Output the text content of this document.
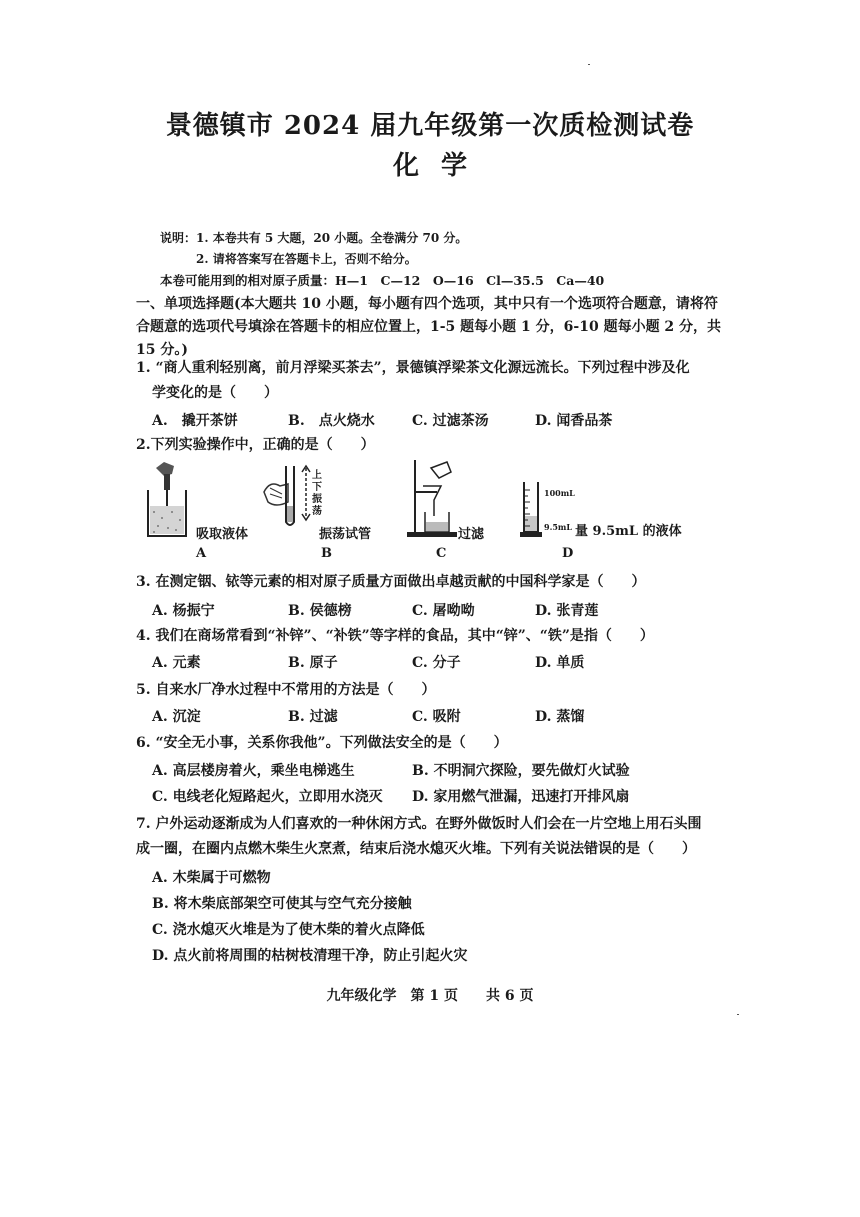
景德镇市 2024 届九年级第一次质检测试卷
化学
说明：1. 本卷共有 5 大题，20 小题。全卷满分 70 分。
2. 请将答案写在答题卡上，否则不给分。
本卷可能用到的相对原子质量：H—1　C—12　O—16　Cl—35.5　Ca—40
一、单项选择题(本大题共 10 小题，每小题有四个选项，其中只有一个选项符合题意，请将符
合题意的选项代号填涂在答题卡的相应位置上，1-5 题每小题 1 分，6-10 题每小题 2 分，共
15 分。)
1. “商人重利轻别离，前月浮梁买茶去”，景德镇浮梁茶文化源远流长。下列过程中涉及化
学变化的是（　　）
A.　撬开茶饼	B.　点火烧水	C. 过滤茶汤	D. 闻香品茶
2.下列实验操作中，正确的是（　　）
吸取液体
A
上下振荡
振荡试管
B
过滤
C
100mL
9.5mL 量 9.5mL 的液体
D
3. 在测定铟、铱等元素的相对原子质量方面做出卓越贡献的中国科学家是（　　）
A. 杨振宁	B. 侯德榜	C. 屠呦呦	D. 张青莲
4. 我们在商场常看到“补锌”、“补铁”等字样的食品，其中“锌”、“铁”是指（　　）
A. 元素	B. 原子	C. 分子	D. 单质
5. 自来水厂净水过程中不常用的方法是（　　）
A. 沉淀	B. 过滤	C. 吸附	D. 蒸馏
6. “安全无小事，关系你我他”。下列做法安全的是（　　）
A. 高层楼房着火，乘坐电梯逃生	B. 不明洞穴探险，要先做灯火试验
C. 电线老化短路起火，立即用水浇灭 D. 家用燃气泄漏，迅速打开排风扇
7. 户外运动逐渐成为人们喜欢的一种休闲方式。在野外做饭时人们会在一片空地上用石头围
成一圈，在圈内点燃木柴生火烹煮，结束后浇水熄灭火堆。下列有关说法错误的是（　　）
A. 木柴属于可燃物
B. 将木柴底部架空可使其与空气充分接触
C. 浇水熄灭火堆是为了使木柴的着火点降低
D. 点火前将周围的枯树枝清理干净，防止引起火灾
九年级化学　第 1 页　　共 6 页
